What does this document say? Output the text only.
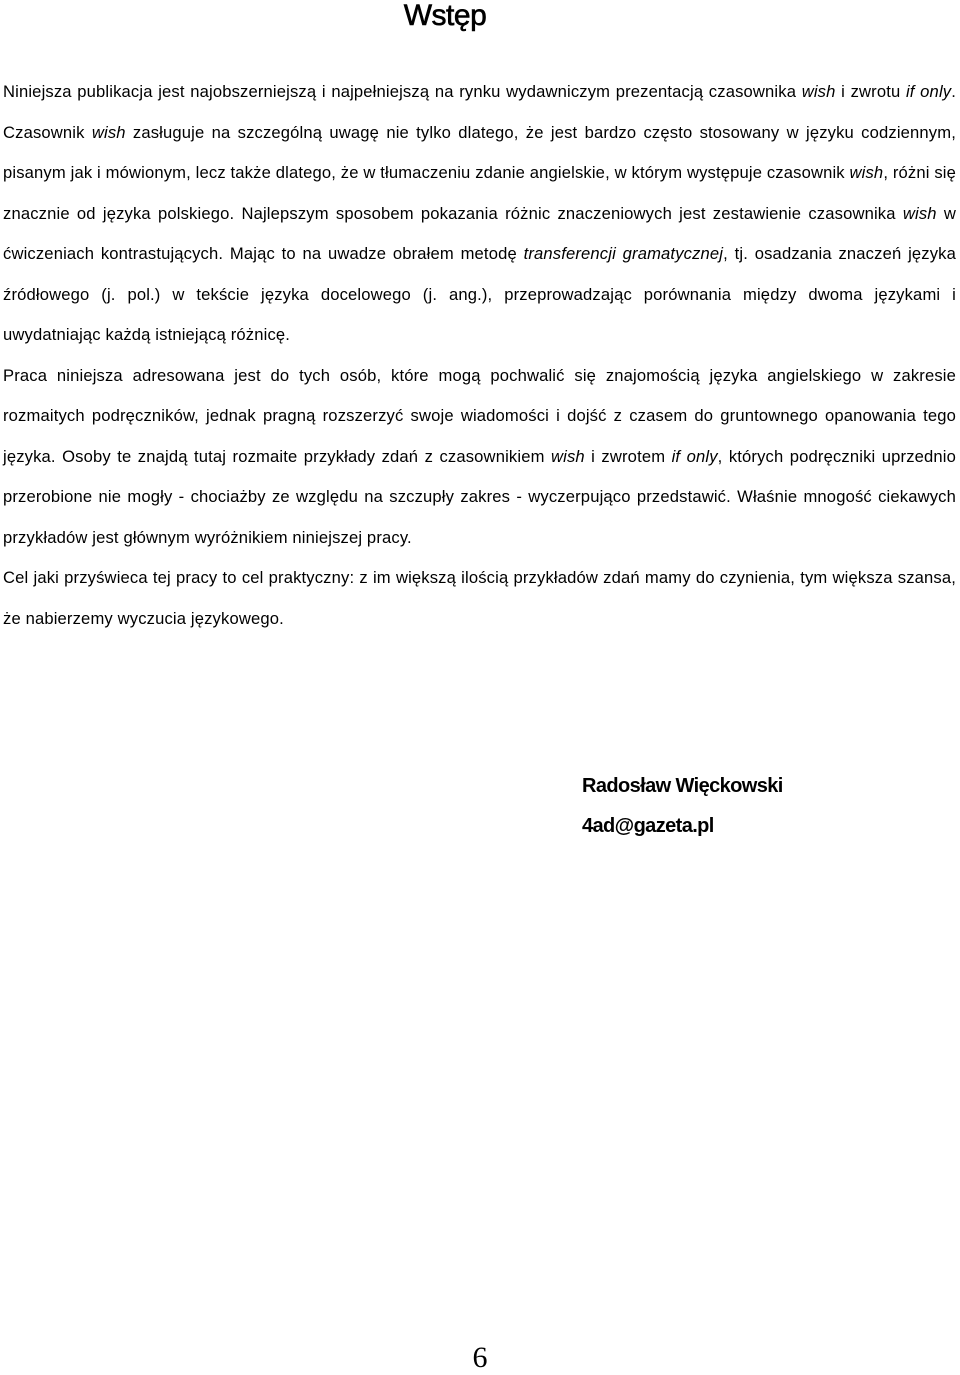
Wstęp

Niniejsza publikacja jest najobszerniejszą i najpełniejszą na rynku wydawniczym prezentacją czasownika wish i zwrotu if only. Czasownik wish zasługuje na szczególną uwagę nie tylko dlatego, że jest bardzo często stosowany w języku codziennym, pisanym jak i mówionym, lecz także dlatego, że w tłumaczeniu zdanie angielskie, w którym występuje czasownik wish, różni się znacznie od języka polskiego. Najlepszym sposobem pokazania różnic znaczeniowych jest zestawienie czasownika wish w ćwiczeniach kontrastujących. Mając to na uwadze obrałem metodę transferencji gramatycznej, tj. osadzania znaczeń języka źródłowego (j. pol.) w tekście języka docelowego (j. ang.), przeprowadzając porównania między dwoma językami i uwydatniając każdą istniejącą różnicę.

Praca niniejsza adresowana jest do tych osób, które mogą pochwalić się znajomością języka angielskiego w zakresie rozmaitych podręczników, jednak pragną rozszerzyć swoje wiadomości i dojść z czasem do gruntownego opanowania tego języka. Osoby te znajdą tutaj rozmaite przykłady zdań z czasownikiem wish i zwrotem if only, których podręczniki uprzednio przerobione nie mogły - chociażby ze względu na szczupły zakres - wyczerpująco przedstawić. Właśnie mnogość ciekawych przykładów jest głównym wyróżnikiem niniejszej pracy.

Cel jaki przyświeca tej pracy to cel praktyczny: z im większą ilością przykładów zdań mamy do czynienia, tym większa szansa, że nabierzemy wyczucia językowego.

Radosław Więckowski
4ad@gazeta.pl
6
